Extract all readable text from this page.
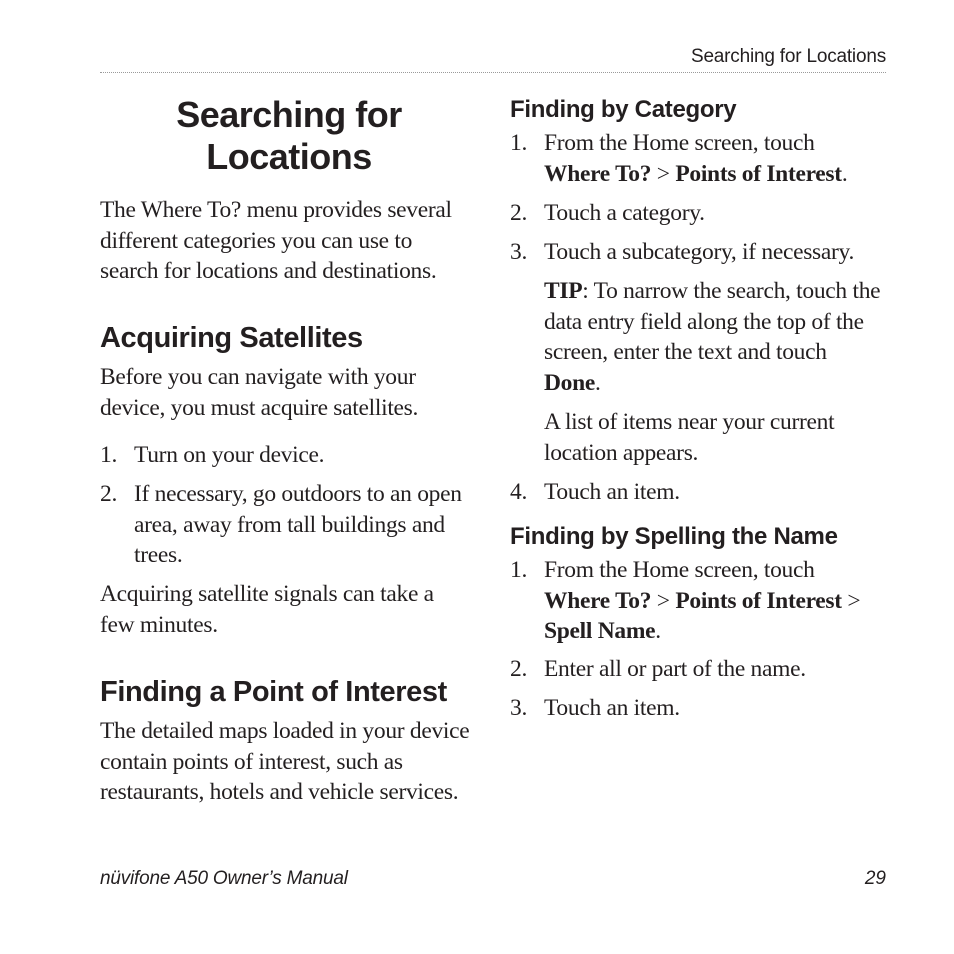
Searching for Locations
Searching for
Locations

The Where To? menu provides several different categories you can use to search for locations and destinations.

Acquiring Satellites

Before you can navigate with your device, you must acquire satellites.

1. Turn on your device.
2. If necessary, go outdoors to an open area, away from tall buildings and trees.

Acquiring satellite signals can take a few minutes.

Finding a Point of Interest

The detailed maps loaded in your device contain points of interest, such as restaurants, hotels and vehicle services.

Finding by Category
1. From the Home screen, touch Where To? > Points of Interest.
2. Touch a category.
3. Touch a subcategory, if necessary.

TIP: To narrow the search, touch the data entry field along the top of the screen, enter the text and touch Done.

A list of items near your current location appears.

4. Touch an item.
Finding by Spelling the Name
1. From the Home screen, touch Where To? > Points of Interest > Spell Name.
2. Enter all or part of the name.
3. Touch an item.
nüvifone A50 Owner’s Manual	29
